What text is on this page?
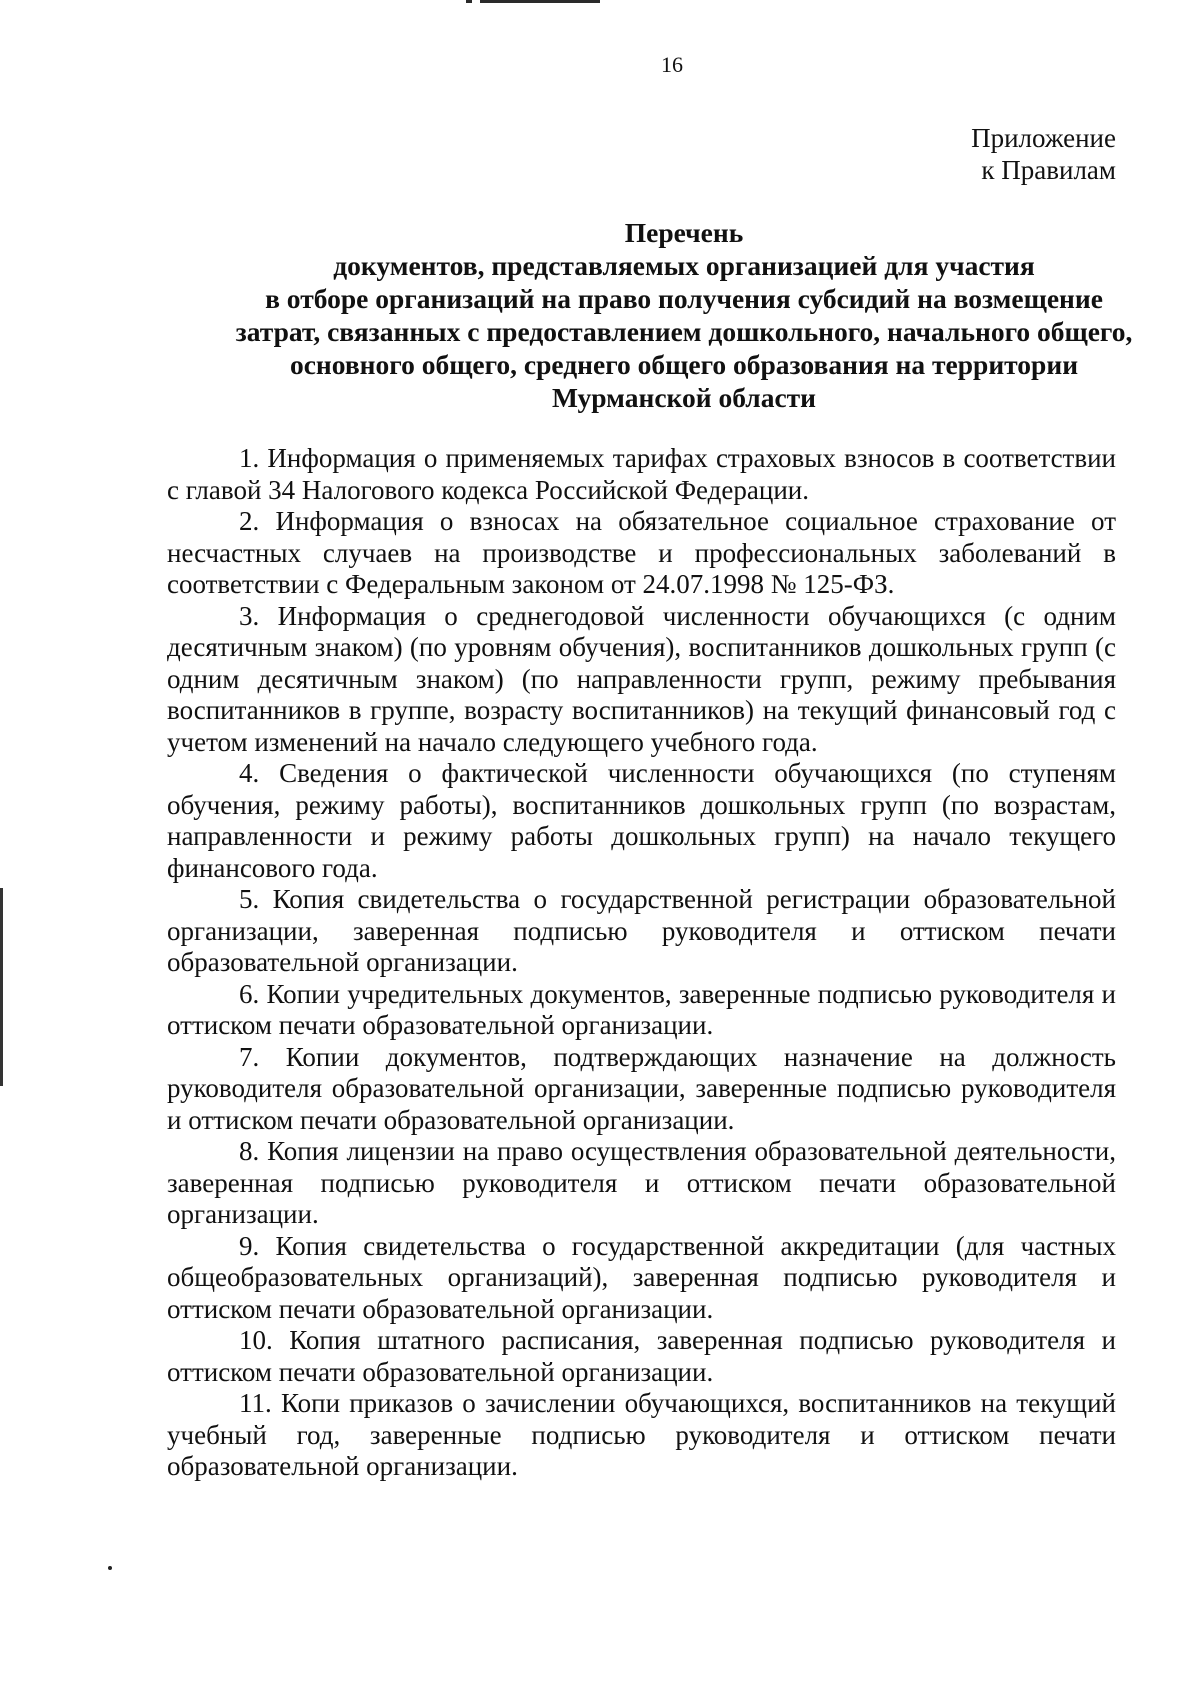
16
Приложение
к Правилам
Перечень
документов, представляемых организацией для участия
в отборе организаций на право получения субсидий на возмещение
затрат, связанных с предоставлением дошкольного, начального общего,
основного общего, среднего общего образования на территории
Мурманской области

1. Информация о применяемых тарифах страховых взносов в соответствии с главой 34 Налогового кодекса Российской Федерации.

2. Информация о взносах на обязательное социальное страхование от несчастных случаев на производстве и профессиональных заболеваний в соответствии с Федеральным законом от 24.07.1998 № 125-ФЗ.

3. Информация о среднегодовой численности обучающихся (с одним десятичным знаком) (по уровням обучения), воспитанников дошкольных групп (с одним десятичным знаком) (по направленности групп, режиму пребывания воспитанников в группе, возрасту воспитанников) на текущий финансовый год с учетом изменений на начало следующего учебного года.

4. Сведения о фактической численности обучающихся (по ступеням обучения, режиму работы), воспитанников дошкольных групп (по возрастам, направленности и режиму работы дошкольных групп) на начало текущего финансового года.

5. Копия свидетельства о государственной регистрации образовательной организации, заверенная подписью руководителя и оттиском печати образовательной организации.

6. Копии учредительных документов, заверенные подписью руководителя и оттиском печати образовательной организации.

7. Копии документов, подтверждающих назначение на должность руководителя образовательной организации, заверенные подписью руководителя и оттиском печати образовательной организации.

8. Копия лицензии на право осуществления образовательной деятельности, заверенная подписью руководителя и оттиском печати образовательной организации.

9. Копия свидетельства о государственной аккредитации (для частных общеобразовательных организаций), заверенная подписью руководителя и оттиском печати образовательной организации.

10. Копия штатного расписания, заверенная подписью руководителя и оттиском печати образовательной организации.

11. Копи приказов о зачислении обучающихся, воспитанников на текущий учебный год, заверенные подписью руководителя и оттиском печати образовательной организации.
